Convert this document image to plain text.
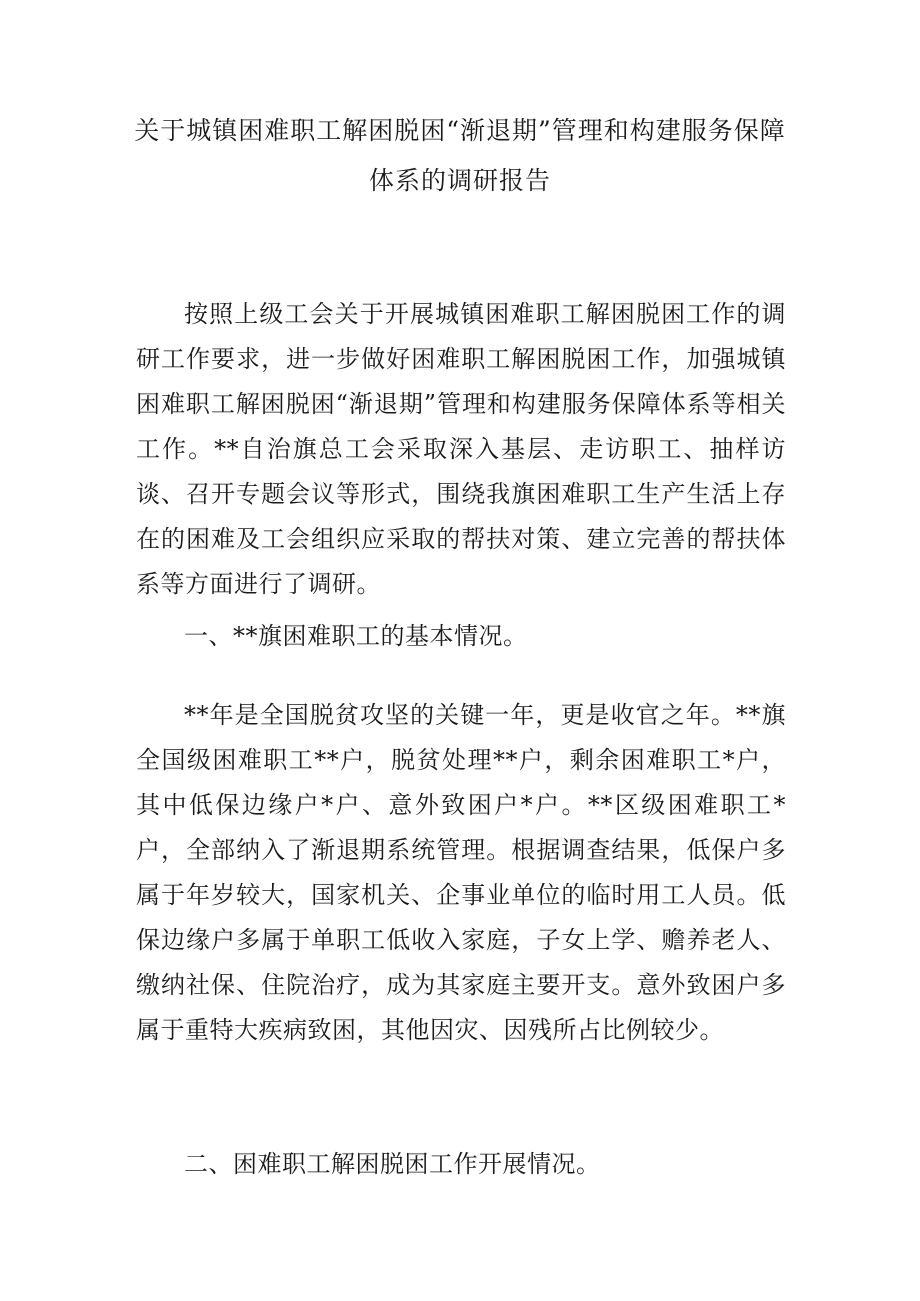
关于城镇困难职工解困脱困“渐退期”管理和构建服务保障
体系的调研报告

按照上级工会关于开展城镇困难职工解困脱困工作的调研工作要求，进一步做好困难职工解困脱困工作，加强城镇困难职工解困脱困“渐退期”管理和构建服务保障体系等相关工作。**自治旗总工会采取深入基层、走访职工、抽样访谈、召开专题会议等形式，围绕我旗困难职工生产生活上存在的困难及工会组织应采取的帮扶对策、建立完善的帮扶体系等方面进行了调研。

一、**旗困难职工的基本情况。

**年是全国脱贫攻坚的关键一年，更是收官之年。**旗全国级困难职工**户，脱贫处理**户，剩余困难职工*户，其中低保边缘户*户、意外致困户*户。**区级困难职工*户，全部纳入了渐退期系统管理。根据调查结果，低保户多属于年岁较大，国家机关、企事业单位的临时用工人员。低保边缘户多属于单职工低收入家庭，子女上学、赡养老人、缴纳社保、住院治疗，成为其家庭主要开支。意外致困户多属于重特大疾病致困，其他因灾、因残所占比例较少。

二、困难职工解困脱困工作开展情况。
